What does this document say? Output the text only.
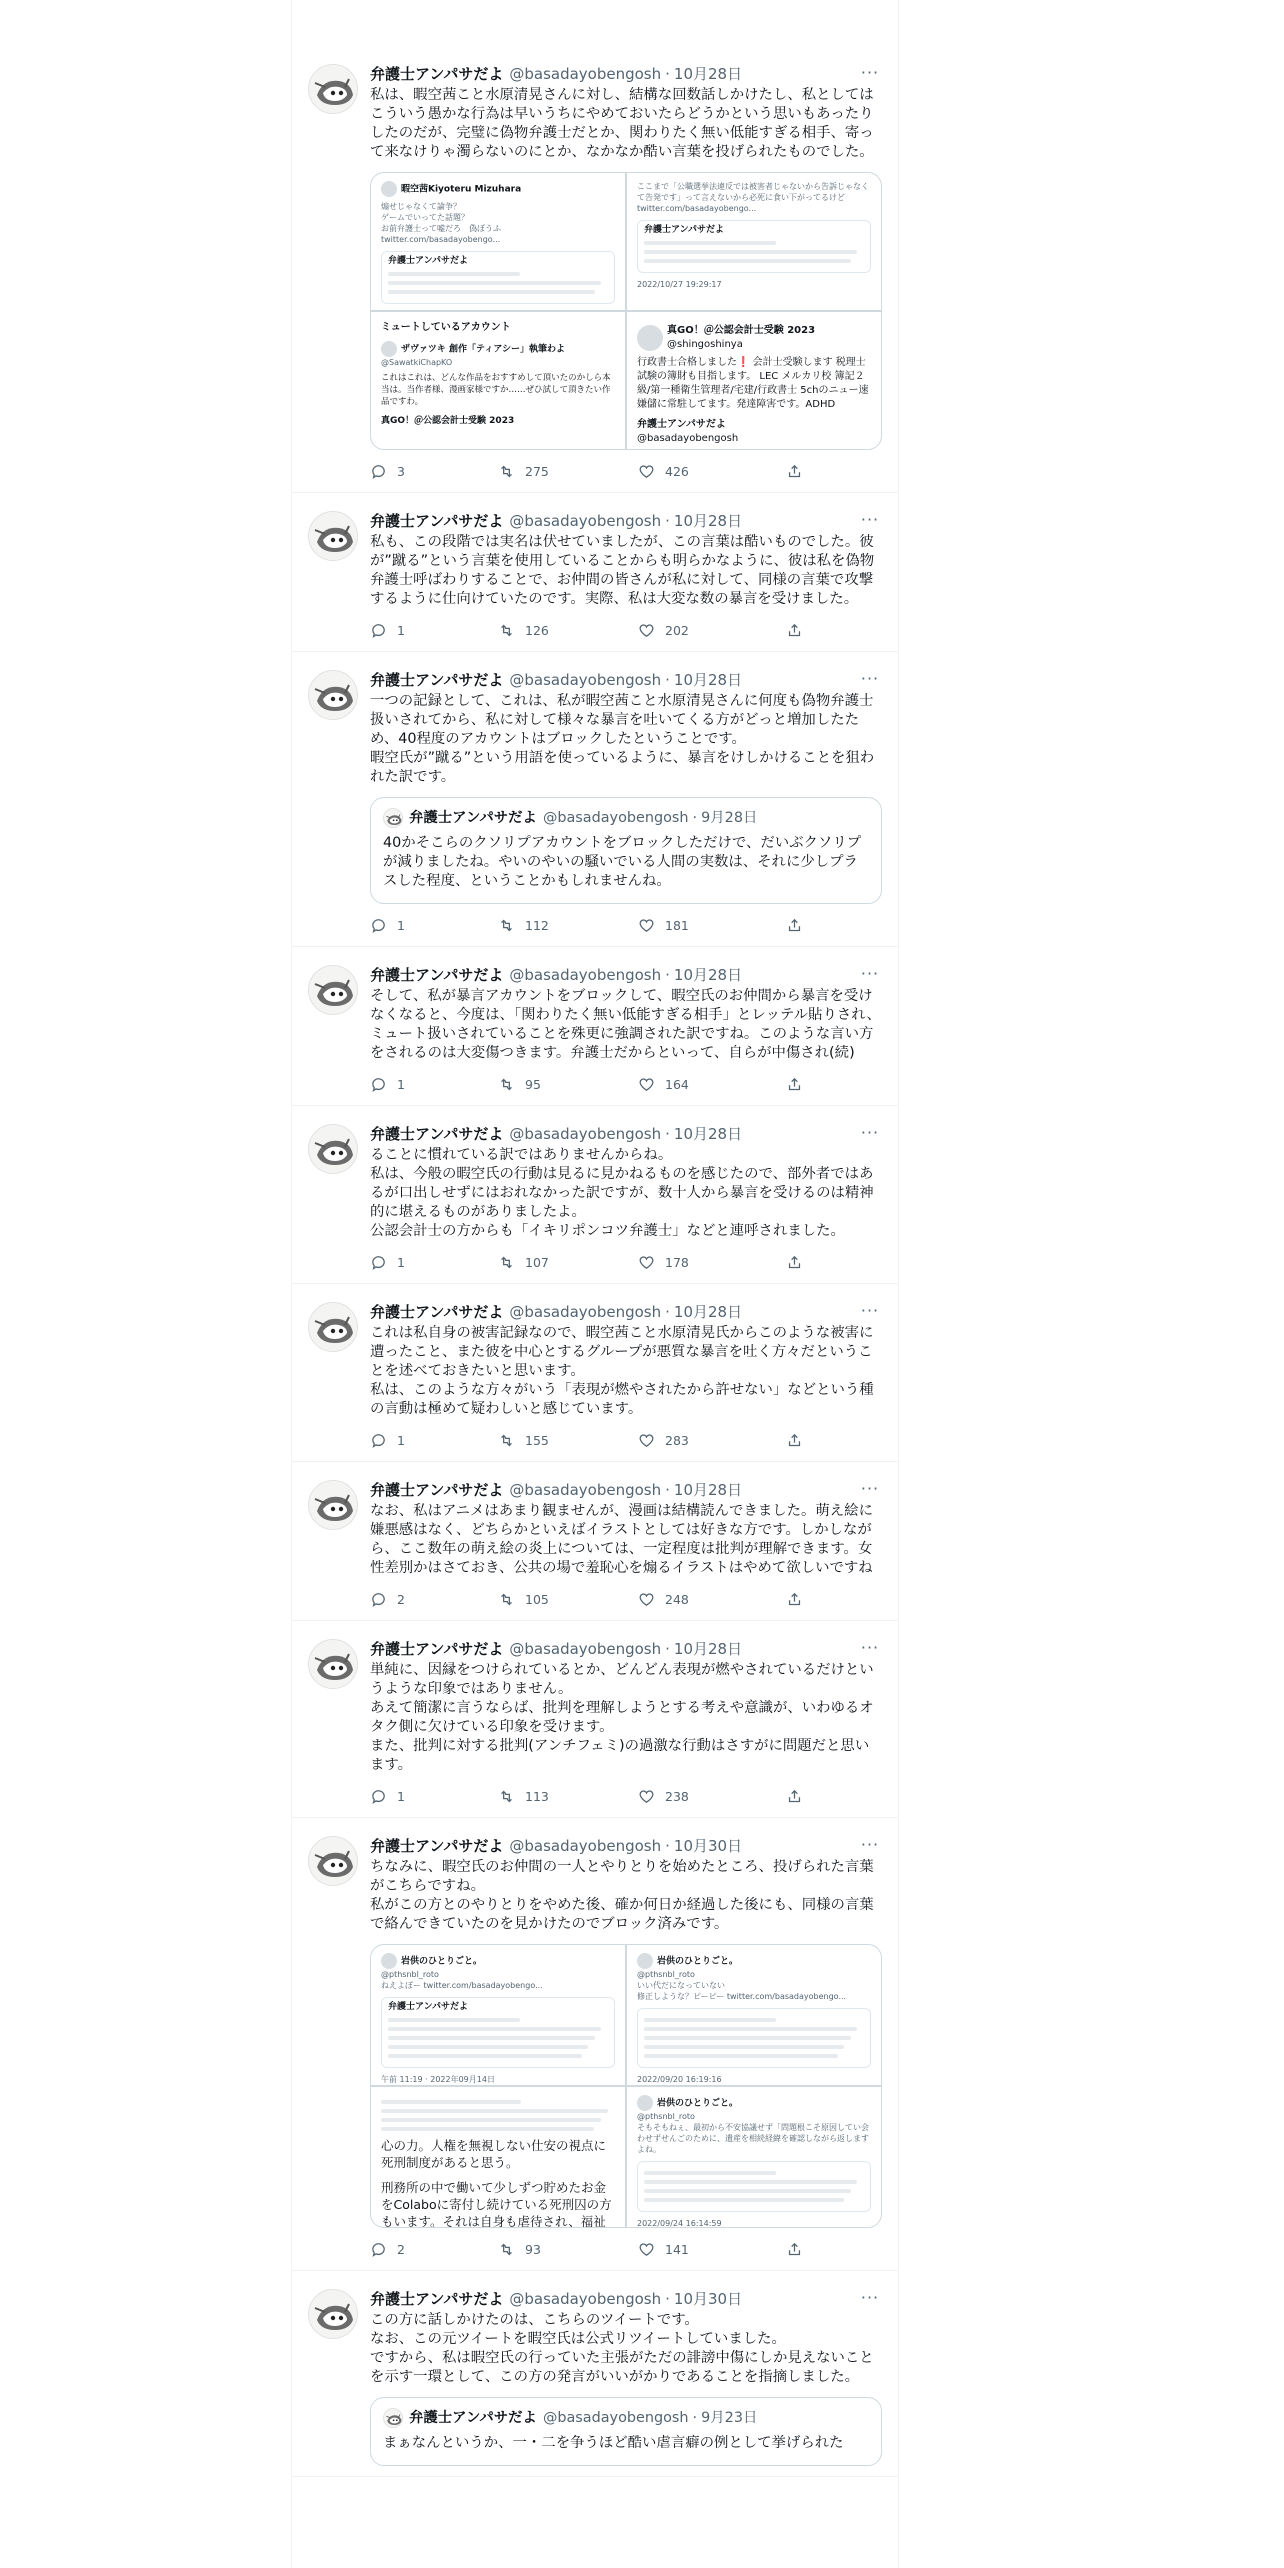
···
弁護士アンパサだよ @basadayobengosh · 10月28日
私は、暇空茜こと水原清晃さんに対し、結構な回数話しかけたし、私としてはこういう愚かな行為は早いうちにやめておいたらどうかという思いもあったりしたのだが、完璧に偽物弁護士だとか、関わりたく無い低能すぎる相手、寄って来なけりゃ濁らないのにとか、なかなか酷い言葉を投げられたものでした。
暇空茜Kiyoteru Mizuhara
煽せじゃなくて論争？
ゲームでいってた話題？
お前弁護士って嘘だろ　偽ぼうふ
twitter.com/basadayobengo...
弁護士アンパサだよ
ここまで「公職選挙法違反では被害者じゃないから告訴じゃなくて告発です」って言えないから必死に食い下がってるけど
twitter.com/basadayobengo...
弁護士アンパサだよ
2022/10/27 19:29:17
ミュートしているアカウント
ザヴァツキ 創作「ティアシー」執筆わよ
@SawatkiChapKO
これはこれは、どんな作品をおすすめして頂いたのかしら本当は。当作者様、漫画家様ですか……ぜひ試して頂きたい作品ですわ。
真GO！＠公認会計士受験 2023
真GO！＠公認会計士受験 2023
@shingoshinya
行政書士合格しました❗ 会計士受験します 税理士試験の簿財も目指します。 LEC メルカリ校 簿記２級/第一種衛生管理者/宅建/行政書士 5chのニュー速嫌儲に常駐してます。発達障害です。ADHD
弁護士アンパサだよ
@basadayobengosh
3	275	426
···
弁護士アンパサだよ @basadayobengosh · 10月28日
私も、この段階では実名は伏せていましたが、この言葉は酷いものでした。彼が”蹴る”という言葉を使用していることからも明らかなように、彼は私を偽物弁護士呼ばわりすることで、お仲間の皆さんが私に対して、同様の言葉で攻撃するように仕向けていたのです。実際、私は大変な数の暴言を受けました。
1	126	202
···
弁護士アンパサだよ @basadayobengosh · 10月28日
一つの記録として、これは、私が暇空茜こと水原清晃さんに何度も偽物弁護士扱いされてから、私に対して様々な暴言を吐いてくる方がどっと増加したため、40程度のアカウントはブロックしたということです。
暇空氏が”蹴る”という用語を使っているように、暴言をけしかけることを狙われた訳です。
弁護士アンパサだよ @basadayobengosh · 9月28日
40かそこらのクソリプアカウントをブロックしただけで、だいぶクソリプが減りましたね。やいのやいの騒いでいる人間の実数は、それに少しプラスした程度、ということかもしれませんね。
1	112	181
···
弁護士アンパサだよ @basadayobengosh · 10月28日
そして、私が暴言アカウントをブロックして、暇空氏のお仲間から暴言を受けなくなると、今度は、「関わりたく無い低能すぎる相手」とレッテル貼りされ、ミュート扱いされていることを殊更に強調された訳ですね。このような言い方をされるのは大変傷つきます。弁護士だからといって、自らが中傷され(続)
1	95	164
···
弁護士アンパサだよ @basadayobengosh · 10月28日
ることに慣れている訳ではありませんからね。
私は、今般の暇空氏の行動は見るに見かねるものを感じたので、部外者ではあるが口出しせずにはおれなかった訳ですが、数十人から暴言を受けるのは精神的に堪えるものがありましたよ。
公認会計士の方からも「イキリポンコツ弁護士」などと連呼されました。
1	107	178
···
弁護士アンパサだよ @basadayobengosh · 10月28日
これは私自身の被害記録なので、暇空茜こと水原清晃氏からこのような被害に遭ったこと、また彼を中心とするグループが悪質な暴言を吐く方々だということを述べておきたいと思います。
私は、このような方々がいう「表現が燃やされたから許せない」などという種の言動は極めて疑わしいと感じています。
1	155	283
···
弁護士アンパサだよ @basadayobengosh · 10月28日
なお、私はアニメはあまり観ませんが、漫画は結構読んできました。萌え絵に嫌悪感はなく、どちらかといえばイラストとしては好きな方です。しかしながら、ここ数年の萌え絵の炎上については、一定程度は批判が理解できます。女性差別かはさておき、公共の場で羞恥心を煽るイラストはやめて欲しいですね
2	105	248
···
弁護士アンパサだよ @basadayobengosh · 10月28日
単純に、因縁をつけられているとか、どんどん表現が燃やされているだけというような印象ではありません。
あえて簡潔に言うならば、批判を理解しようとする考えや意識が、いわゆるオタク側に欠けている印象を受けます。
また、批判に対する批判(アンチフェミ)の過激な行動はさすがに問題だと思います。
1	113	238
···
弁護士アンパサだよ @basadayobengosh · 10月30日
ちなみに、暇空氏のお仲間の一人とやりとりを始めたところ、投げられた言葉がこちらですね。
私がこの方とのやりとりをやめた後、確か何日か経過した後にも、同様の言葉で絡んできていたのを見かけたのでブロック済みです。
岩供のひとりごと。
@pthsnbl_roto
ねえよぼー twitter.com/basadayobengo...
弁護士アンパサだよ
午前 11:19 · 2022年09月14日
岩供のひとりごと。
@pthsnbl_roto
いい代だになっていない
修正しような？ピーピー twitter.com/basadayobengo...
2022/09/20 16:19:16
心の力。人権を無視しない仕安の視点に死刑制度があると思う。
刑務所の中で働いて少しずつ貯めたお金をColaboに寄付し続けている死刑囚の方もいます。それは自身も虐待され、福祉
岩供のひとりごと。
@pthsnbl_roto
そもそもねぇ、最初から不安協議せず「問題根こそ原因してい会わせずせんごのために、遺産を相続経緯を確認しながら返しますよね。
2022/09/24 16:14:59
2	93	141
···
弁護士アンパサだよ @basadayobengosh · 10月30日
この方に話しかけたのは、こちらのツイートです。
なお、この元ツイートを暇空氏は公式リツイートしていました。
ですから、私は暇空氏の行っていた主張がただの誹謗中傷にしか見えないことを示す一環として、この方の発言がいいがかりであることを指摘しました。
弁護士アンパサだよ @basadayobengosh · 9月23日
まぁなんというか、一・二を争うほど酷い虐言癖の例として挙げられた
